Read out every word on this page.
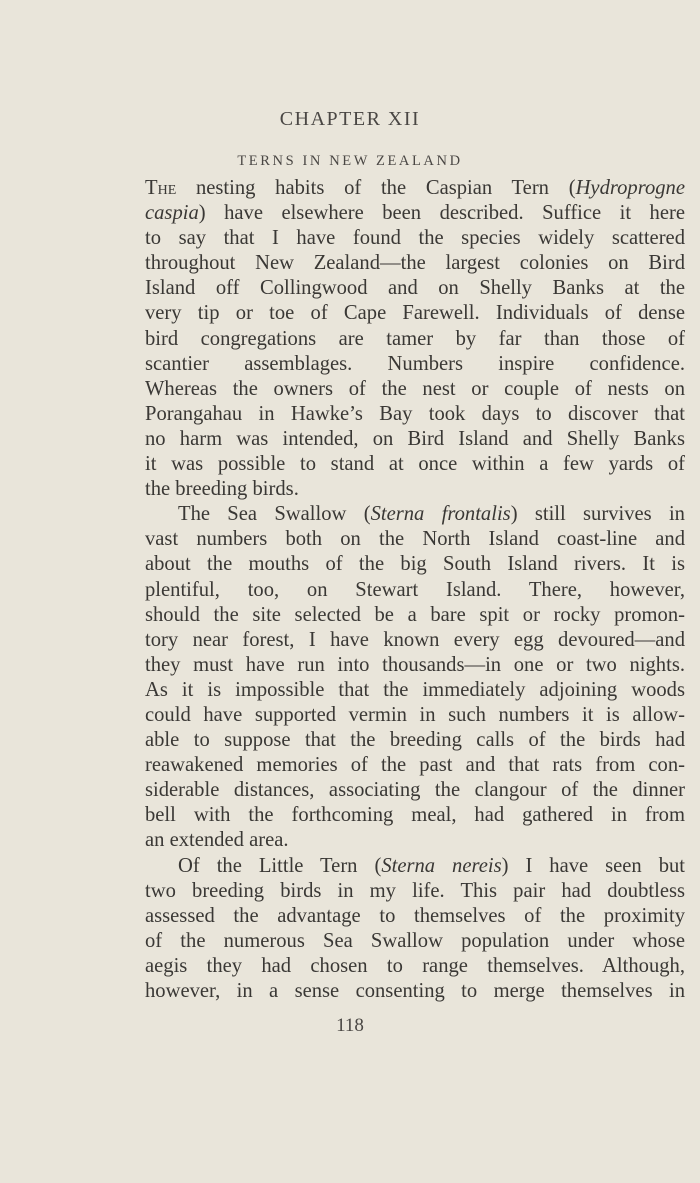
CHAPTER XII
TERNS IN NEW ZEALAND
The nesting habits of the Caspian Tern (Hydroprogne
caspia) have elsewhere been described. Suffice it here
to say that I have found the species widely scattered
throughout New Zealand—the largest colonies on Bird
Island off Collingwood and on Shelly Banks at the
very tip or toe of Cape Farewell. Individuals of dense
bird congregations are tamer by far than those of
scantier assemblages. Numbers inspire confidence.
Whereas the owners of the nest or couple of nests on
Porangahau in Hawke’s Bay took days to discover that
no harm was intended, on Bird Island and Shelly Banks
it was possible to stand at once within a few yards of
the breeding birds.
The Sea Swallow (Sterna frontalis) still survives in
vast numbers both on the North Island coast-line and
about the mouths of the big South Island rivers. It is
plentiful, too, on Stewart Island. There, however,
should the site selected be a bare spit or rocky promon-
tory near forest, I have known every egg devoured—and
they must have run into thousands—in one or two nights.
As it is impossible that the immediately adjoining woods
could have supported vermin in such numbers it is allow-
able to suppose that the breeding calls of the birds had
reawakened memories of the past and that rats from con-
siderable distances, associating the clangour of the dinner
bell with the forthcoming meal, had gathered in from
an extended area.
Of the Little Tern (Sterna nereis) I have seen but
two breeding birds in my life. This pair had doubtless
assessed the advantage to themselves of the proximity
of the numerous Sea Swallow population under whose
aegis they had chosen to range themselves. Although,
however, in a sense consenting to merge themselves in
118
